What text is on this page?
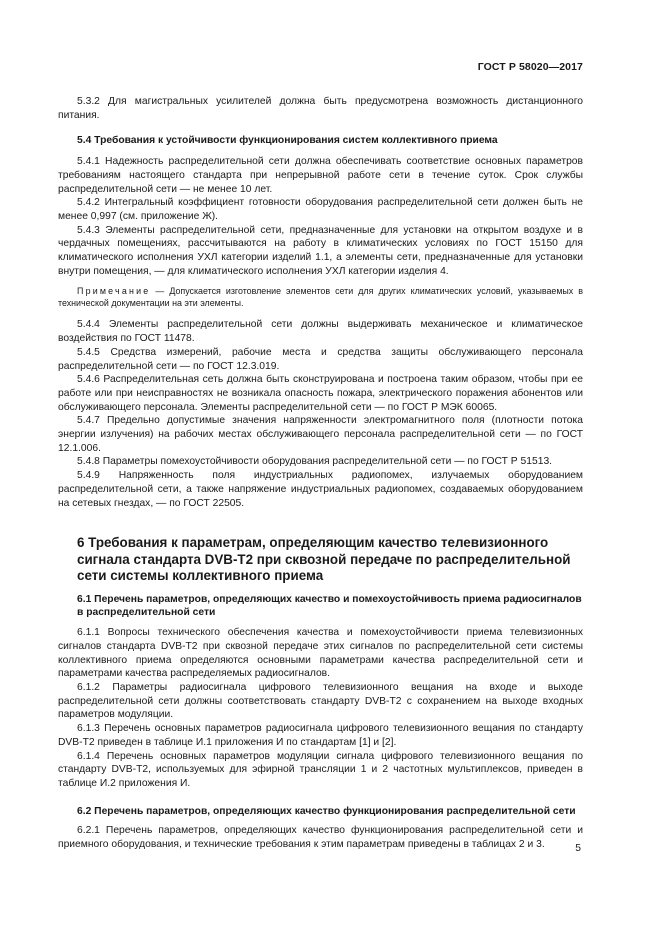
ГОСТ Р 58020—2017

5.3.2 Для магистральных усилителей должна быть предусмотрена возможность дистанционного питания.

5.4 Требования к устойчивости функционирования систем коллективного приема

5.4.1 Надежность распределительной сети должна обеспечивать соответствие основных параметров требованиям настоящего стандарта при непрерывной работе сети в течение суток. Срок службы распределительной сети — не менее 10 лет.

5.4.2 Интегральный коэффициент готовности оборудования распределительной сети должен быть не менее 0,997 (см. приложение Ж).

5.4.3 Элементы распределительной сети, предназначенные для установки на открытом воздухе и в чердачных помещениях, рассчитываются на работу в климатических условиях по ГОСТ 15150 для климатического исполнения УХЛ категории изделий 1.1, а элементы сети, предназначенные для установки внутри помещения, — для климатического исполнения УХЛ категории изделия 4.

Примечание — Допускается изготовление элементов сети для других климатических условий, указываемых в технической документации на эти элементы.

5.4.4 Элементы распределительной сети должны выдерживать механическое и климатическое воздействия по ГОСТ 11478.

5.4.5 Средства измерений, рабочие места и средства защиты обслуживающего персонала распределительной сети — по ГОСТ 12.3.019.

5.4.6 Распределительная сеть должна быть сконструирована и построена таким образом, чтобы при ее работе или при неисправностях не возникала опасность пожара, электрического поражения абонентов или обслуживающего персонала. Элементы распределительной сети — по ГОСТ Р МЭК 60065.

5.4.7 Предельно допустимые значения напряженности электромагнитного поля (плотности потока энергии излучения) на рабочих местах обслуживающего персонала распределительной сети — по ГОСТ 12.1.006.

5.4.8 Параметры помехоустойчивости оборудования распределительной сети — по ГОСТ Р 51513.

5.4.9 Напряженность поля индустриальных радиопомех, излучаемых оборудованием распределительной сети, а также напряжение индустриальных радиопомех, создаваемых оборудованием на сетевых гнездах, — по ГОСТ 22505.

6 Требования к параметрам, определяющим качество телевизионного сигнала стандарта DVB-T2 при сквозной передаче по распределительной сети системы коллективного приема

6.1 Перечень параметров, определяющих качество и помехоустойчивость приема радиосигналов в распределительной сети

6.1.1 Вопросы технического обеспечения качества и помехоустойчивости приема телевизионных сигналов стандарта DVB-T2 при сквозной передаче этих сигналов по распределительной сети системы коллективного приема определяются основными параметрами качества распределительной сети и параметрами качества распределяемых радиосигналов.

6.1.2 Параметры радиосигнала цифрового телевизионного вещания на входе и выходе распределительной сети должны соответствовать стандарту DVB-T2 с сохранением на выходе входных параметров модуляции.

6.1.3 Перечень основных параметров радиосигнала цифрового телевизионного вещания по стандарту DVB-T2 приведен в таблице И.1 приложения И по стандартам [1] и [2].

6.1.4 Перечень основных параметров модуляции сигнала цифрового телевизионного вещания по стандарту DVB-T2, используемых для эфирной трансляции 1 и 2 частотных мультиплексов, приведен в таблице И.2 приложения И.

6.2 Перечень параметров, определяющих качество функционирования распределительной сети

6.2.1 Перечень параметров, определяющих качество функционирования распределительной сети и приемного оборудования, и технические требования к этим параметрам приведены в таблицах 2 и 3.	5
